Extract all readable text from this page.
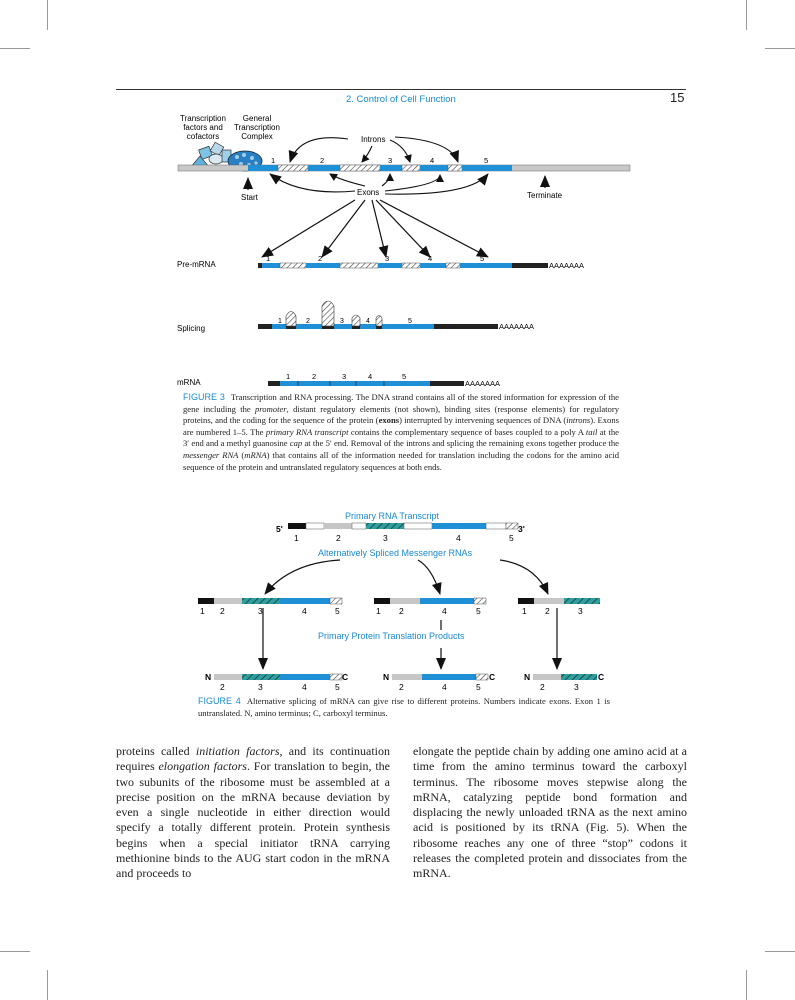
2. Control of Cell Function	15
Transcription
factors and
cofactors
General
Transcription
Complex
1	2	3	4	5
Introns
Exons
Start	Terminate
Pre-mRNA	AAAAAAA
1	2	3	4	5
Splicing	AAAAAAA
1	2	3	4	5
mRNA	AAAAAAA
1	2	3	4	5
Primary RNA Transcript
5'	3'
1	2	3	4	5
Alternatively Spliced Messenger RNAs
1 2	3	4	5	1 2	4	5	1 2	3
Primary Protein Translation Products
N	C
2	3	4	5
N	C
2	4	5
N	C
2	3
FIGURE 3 Transcription and RNA processing. The DNA strand contains all of the stored information for expression of the gene including the promoter, distant regulatory elements (not shown), binding sites (response elements) for regulatory proteins, and the coding for the sequence of the protein (exons) interrupted by intervening sequences of DNA (introns). Exons are numbered 1–5. The primary RNA transcript contains the complementary sequence of bases coupled to a poly A tail at the 3′ end and a methyl guanosine cap at the 5′ end. Removal of the introns and splicing the remaining exons together produce the messenger RNA (mRNA) that contains all of the information needed for translation including the codons for the amino acid sequence of the protein and untranslated regulatory sequences at both ends.
FIGURE 4 Alternative splicing of mRNA can give rise to different proteins. Numbers indicate exons. Exon 1 is untranslated. N, amino terminus; C, carboxyl terminus.

proteins called initiation factors, and its continuation requires elongation factors. For translation to begin, the two subunits of the ribosome must be assembled at a precise position on the mRNA because deviation by even a single nucleotide in either direction would specify a totally different protein. Protein synthesis begins when a special initiator tRNA carrying methionine binds to the AUG start codon in the mRNA and proceeds to

elongate the peptide chain by adding one amino acid at a time from the amino terminus toward the carboxyl terminus. The ribosome moves stepwise along the mRNA, catalyzing peptide bond formation and displacing the newly unloaded tRNA as the next amino acid is positioned by its tRNA (Fig. 5). When the ribosome reaches any one of three “stop” codons it releases the completed protein and dissociates from the mRNA.
